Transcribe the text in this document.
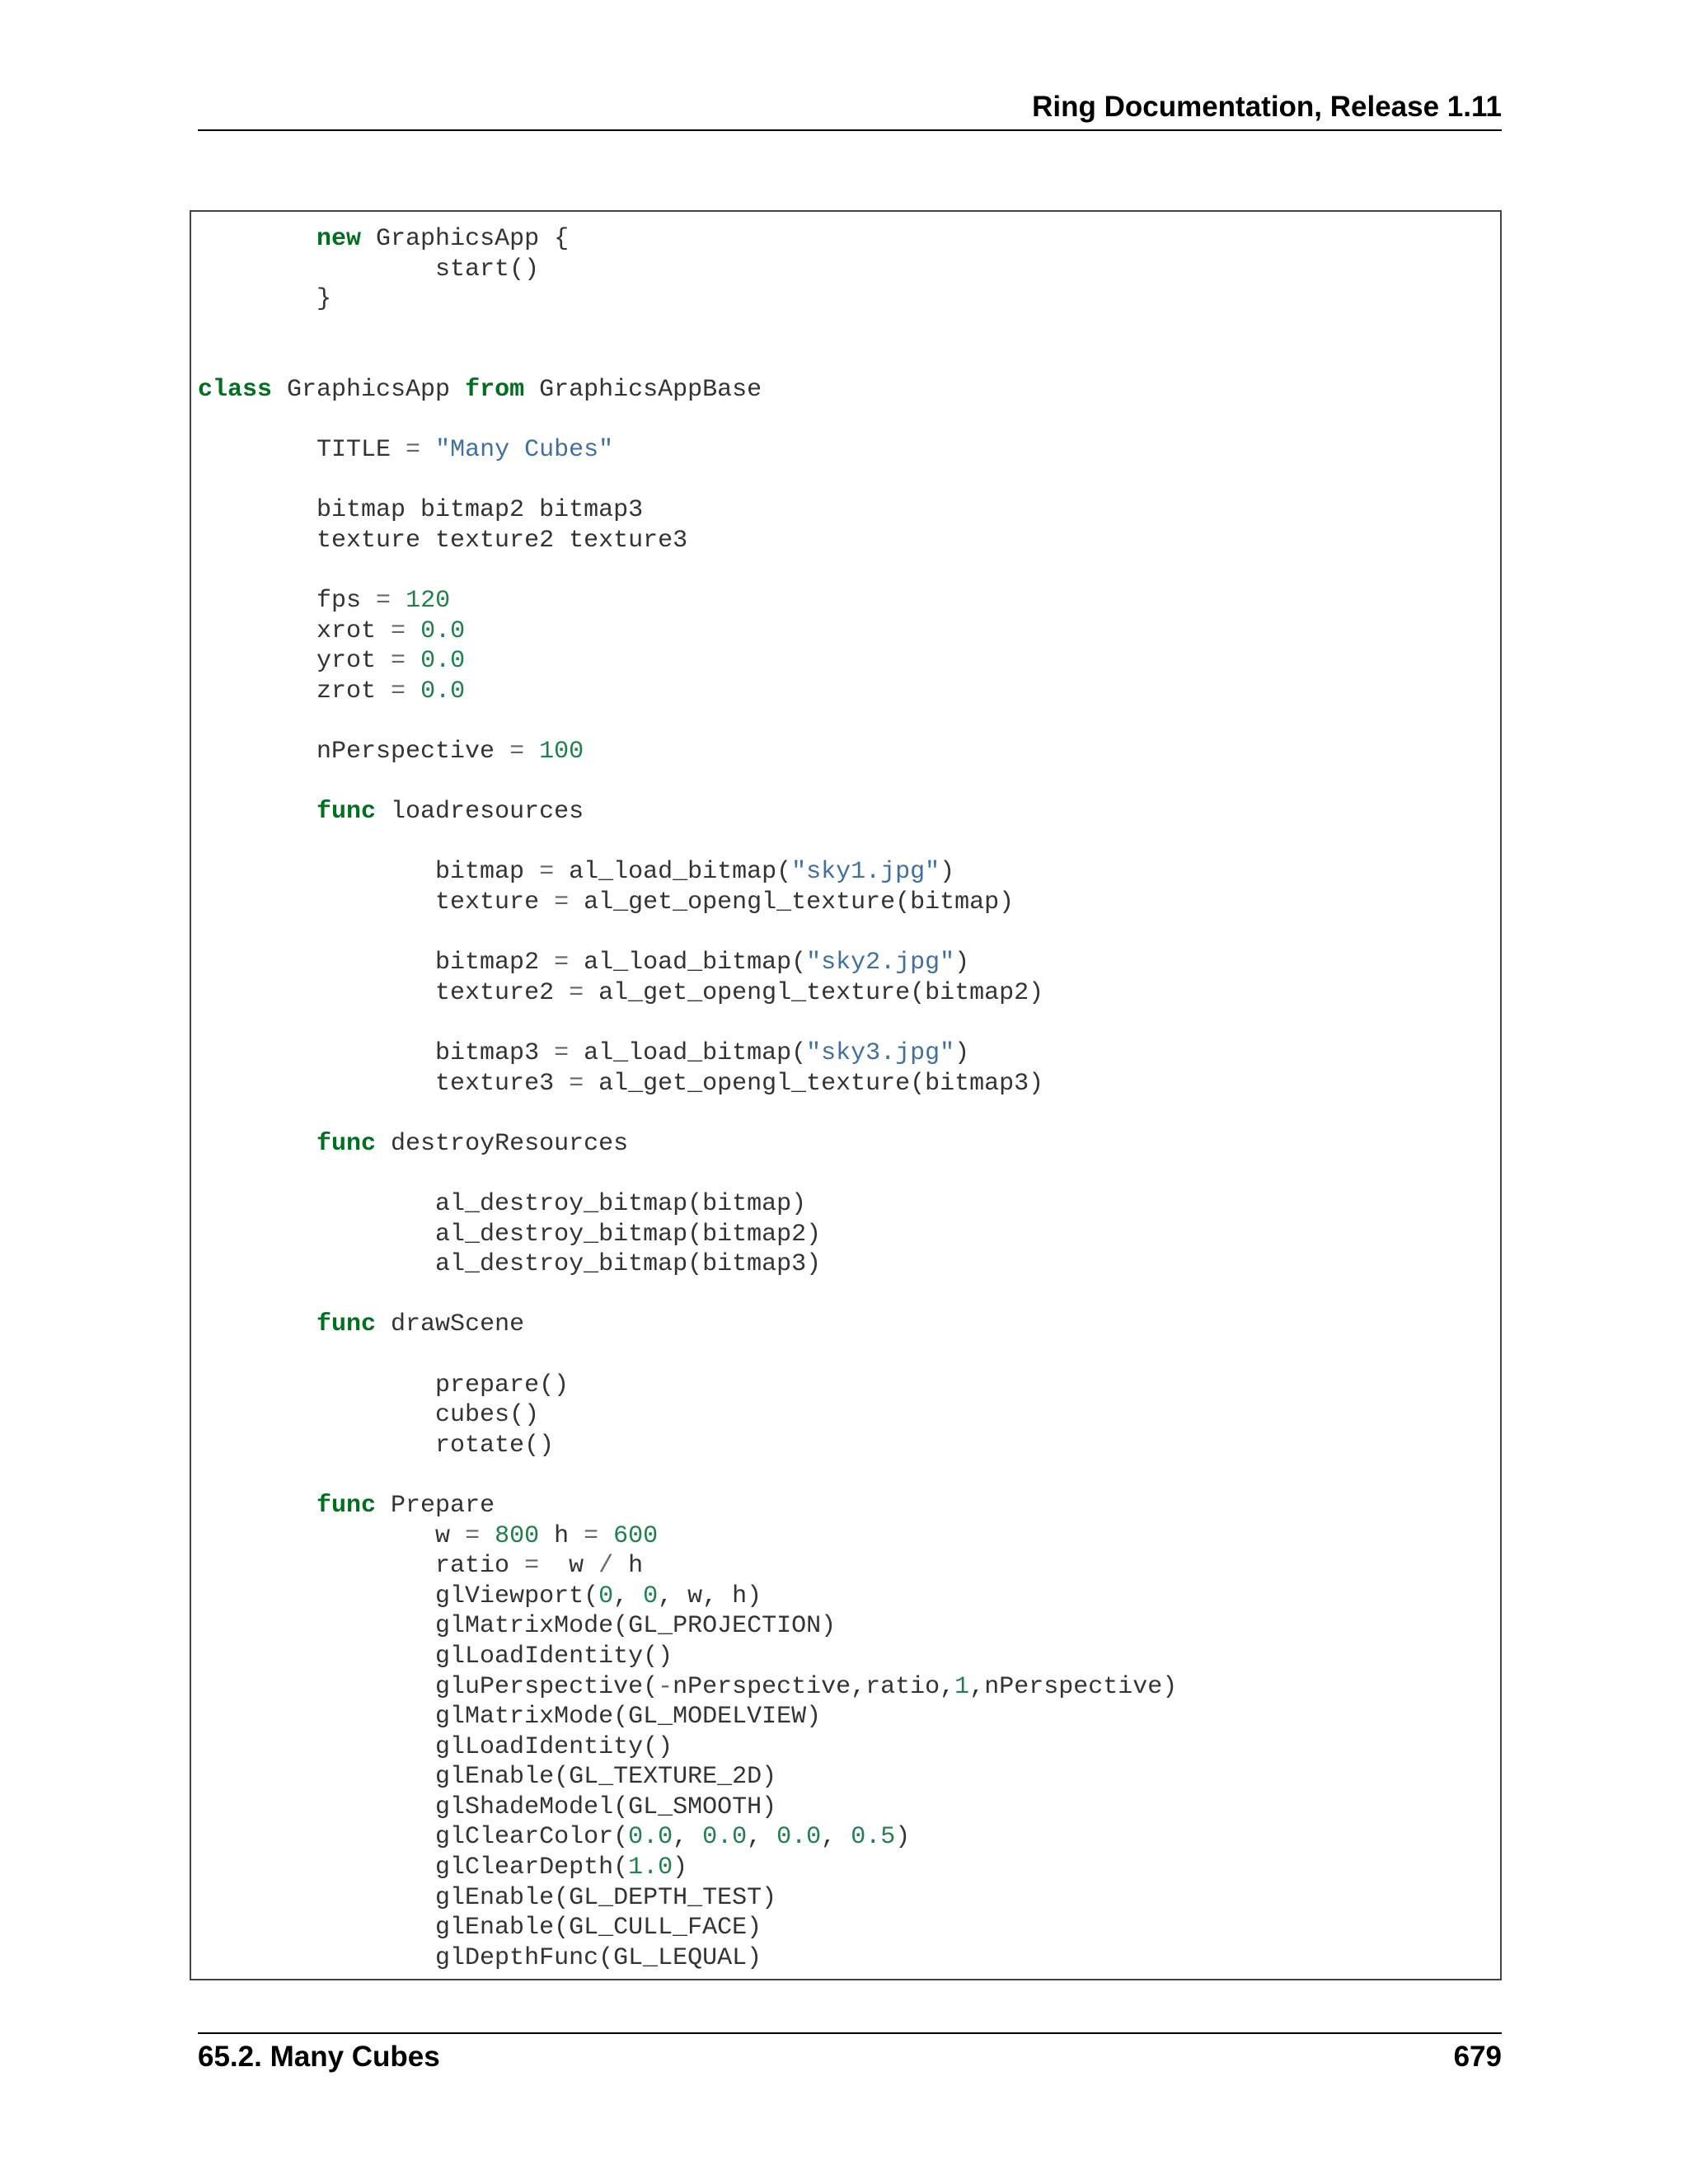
Ring Documentation, Release 1.11
new GraphicsApp {
start()
}
class GraphicsApp from GraphicsAppBase
TITLE = "Many Cubes"
bitmap bitmap2 bitmap3
texture texture2 texture3
fps = 120
xrot = 0.0
yrot = 0.0
zrot = 0.0
nPerspective = 100
func loadresources
bitmap = al_load_bitmap("sky1.jpg")
texture = al_get_opengl_texture(bitmap)
bitmap2 = al_load_bitmap("sky2.jpg")
texture2 = al_get_opengl_texture(bitmap2)
bitmap3 = al_load_bitmap("sky3.jpg")
texture3 = al_get_opengl_texture(bitmap3)
func destroyResources
al_destroy_bitmap(bitmap)
al_destroy_bitmap(bitmap2)
al_destroy_bitmap(bitmap3)
func drawScene
prepare()
cubes()
rotate()
func Prepare
w = 800 h = 600
ratio =  w / h
glViewport(0, 0, w, h)
glMatrixMode(GL_PROJECTION)
glLoadIdentity()
gluPerspective(-nPerspective,ratio,1,nPerspective)
glMatrixMode(GL_MODELVIEW)
glLoadIdentity()
glEnable(GL_TEXTURE_2D)
glShadeModel(GL_SMOOTH)
glClearColor(0.0, 0.0, 0.0, 0.5)
glClearDepth(1.0)
glEnable(GL_DEPTH_TEST)
glEnable(GL_CULL_FACE)
glDepthFunc(GL_LEQUAL)
65.2. Many Cubes	679
